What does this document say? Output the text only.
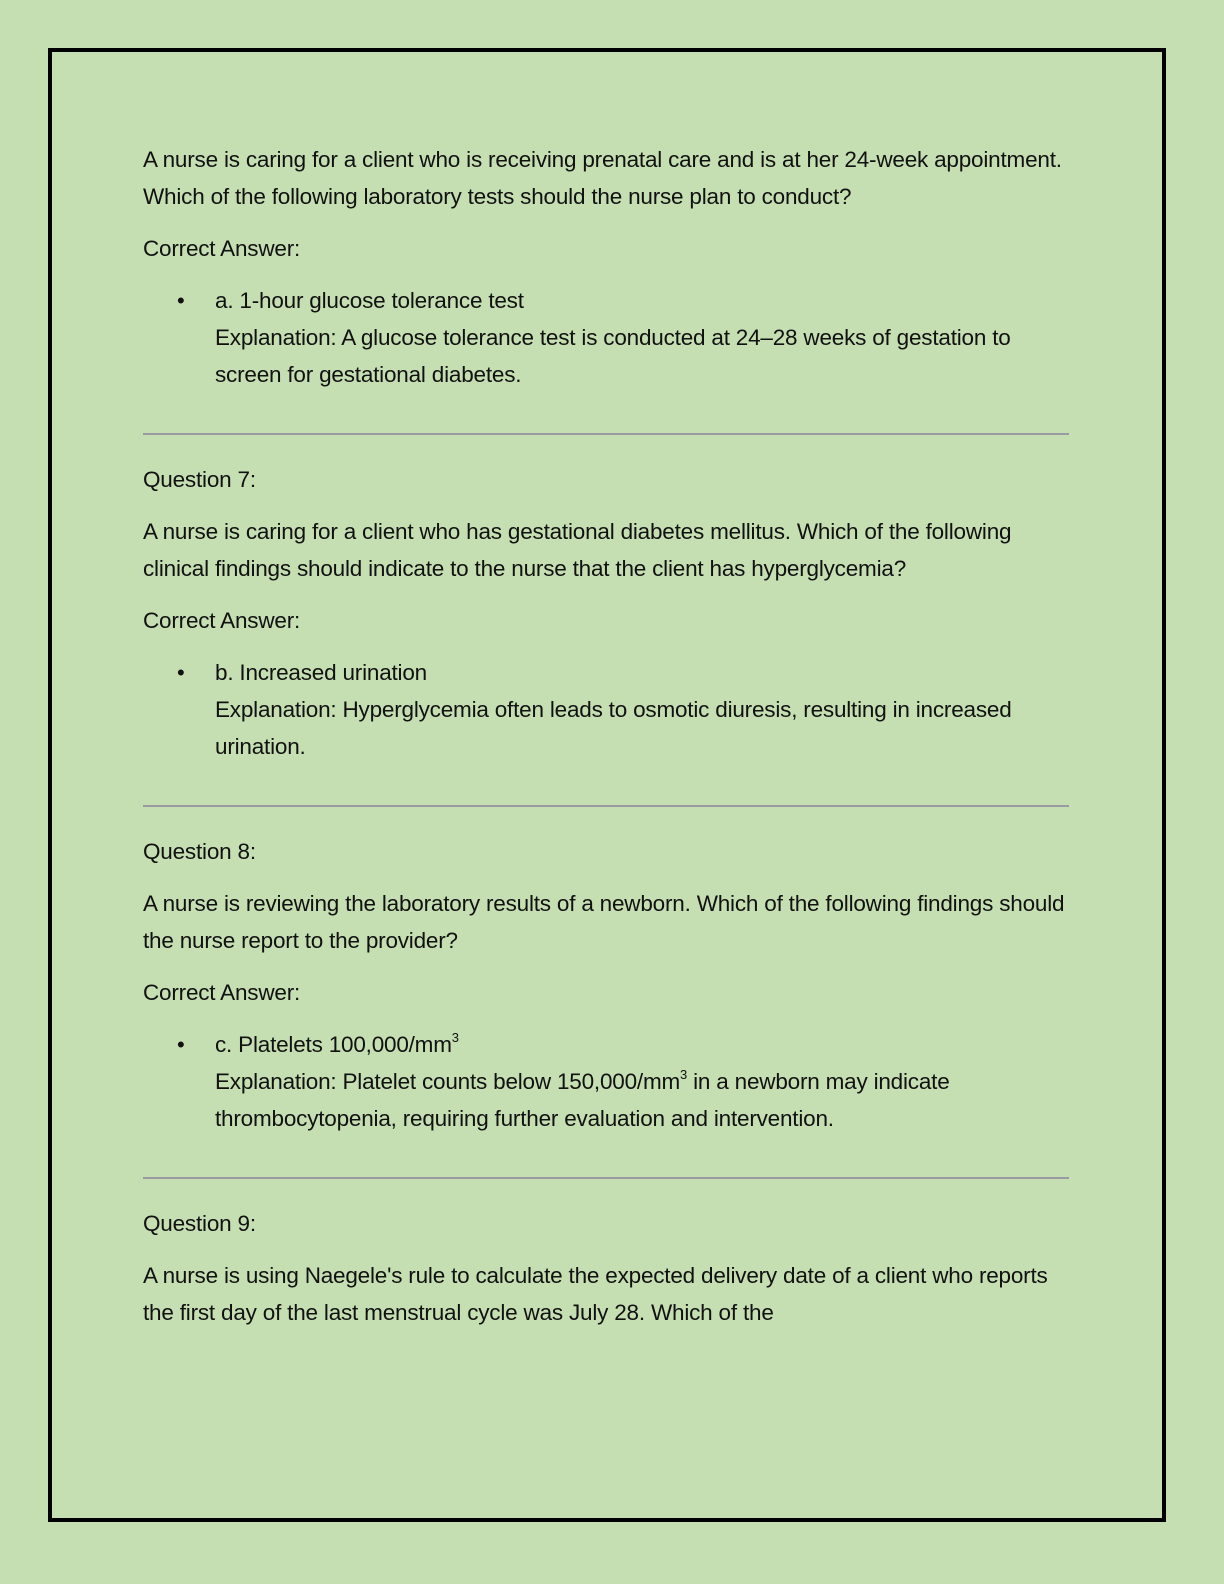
A nurse is caring for a client who is receiving prenatal care and is at her 24-week appointment. Which of the following laboratory tests should the nurse plan to conduct?

Correct Answer:

• a. 1-hour glucose tolerance test
Explanation: A glucose tolerance test is conducted at 24–28 weeks of gestation to screen for gestational diabetes.

Question 7:

A nurse is caring for a client who has gestational diabetes mellitus. Which of the following clinical findings should indicate to the nurse that the client has hyperglycemia?

Correct Answer:

• b. Increased urination
Explanation: Hyperglycemia often leads to osmotic diuresis, resulting in increased urination.

Question 8:

A nurse is reviewing the laboratory results of a newborn. Which of the following findings should the nurse report to the provider?

Correct Answer:

• c. Platelets $100,000/mm^3$
Explanation: Platelet counts below $150,000/mm^3$ in a newborn may indicate thrombocytopenia, requiring further evaluation and intervention.

Question 9:

A nurse is using Naegele's rule to calculate the expected delivery date of a client who reports the first day of the last menstrual cycle was July 28. Which of the
